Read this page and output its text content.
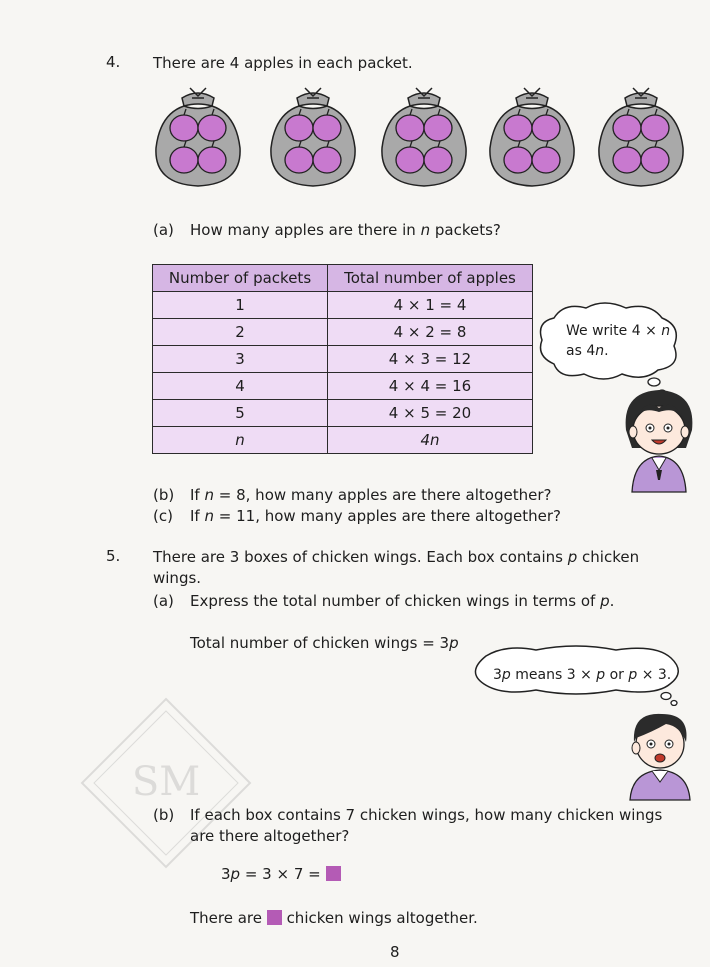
SM
4. There are 4 apples in each packet.
(a) How many apples are there in n packets?
Number of packets	Total number of apples
1	4 × 1 = 4
2	4 × 2 = 8
3	4 × 3 = 12
4	4 × 4 = 16
5	4 × 5 = 20
n	4n
We write 4 × n
as 4n.
(b) If n = 8, how many apples are there altogether?
(c) If n = 11, how many apples are there altogether?
5. There are 3 boxes of chicken wings. Each box contains p chicken
wings.
(a) Express the total number of chicken wings in terms of p.
Total number of chicken wings = 3p
3p means 3 × p or p × 3.
(b) If each box contains 7 chicken wings, how many chicken wings
are there altogether?
3p = 3 × 7 =
There are chicken wings altogether.
8
